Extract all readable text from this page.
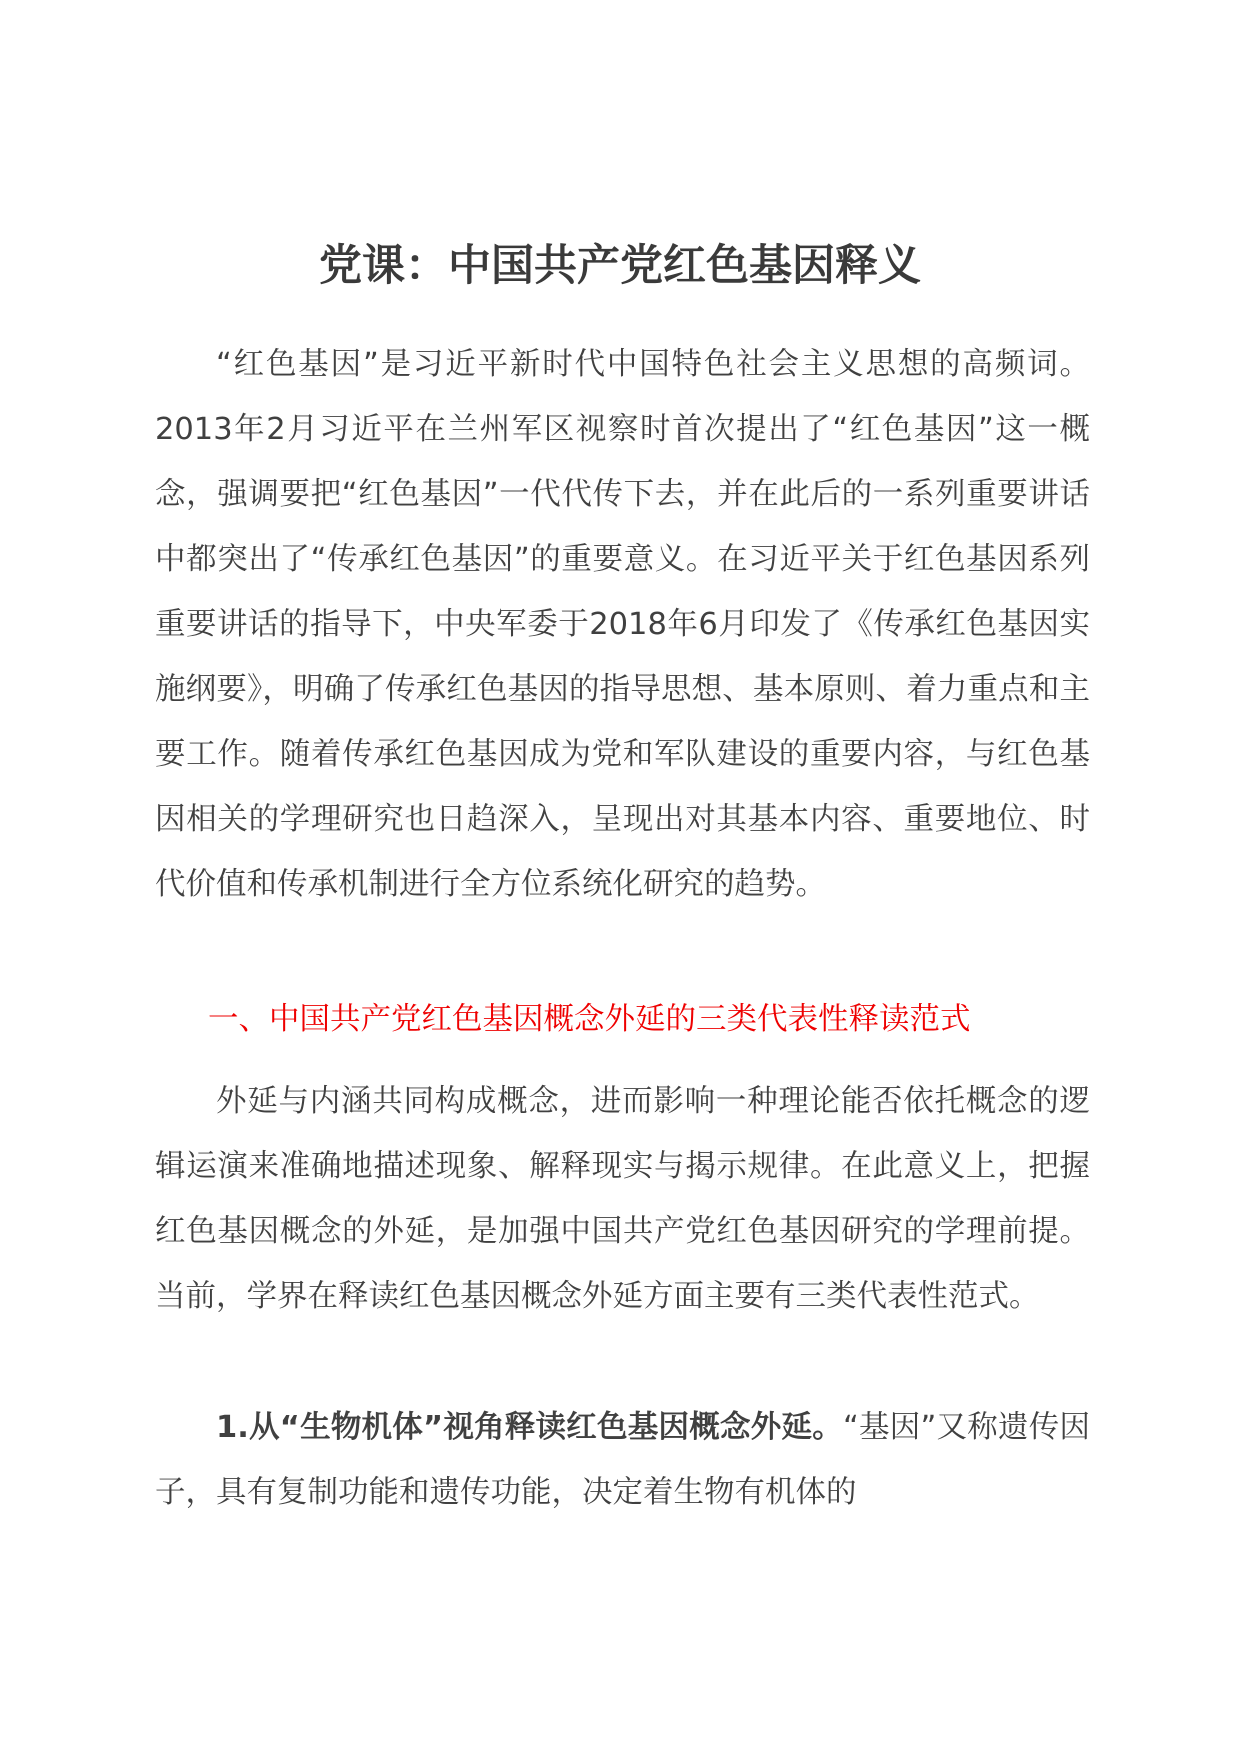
党课：中国共产党红色基因释义

“红色基因”是习近平新时代中国特色社会主义思想的高频词。2013年2月习近平在兰州军区视察时首次提出了“红色基因”这一概念，强调要把“红色基因”一代代传下去，并在此后的一系列重要讲话中都突出了“传承红色基因”的重要意义。在习近平关于红色基因系列重要讲话的指导下，中央军委于2018年6月印发了《传承红色基因实施纲要》，明确了传承红色基因的指导思想、基本原则、着力重点和主要工作。随着传承红色基因成为党和军队建设的重要内容，与红色基因相关的学理研究也日趋深入，呈现出对其基本内容、重要地位、时代价值和传承机制进行全方位系统化研究的趋势。

一、中国共产党红色基因概念外延的三类代表性释读范式

外延与内涵共同构成概念，进而影响一种理论能否依托概念的逻辑运演来准确地描述现象、解释现实与揭示规律。在此意义上，把握红色基因概念的外延，是加强中国共产党红色基因研究的学理前提。当前，学界在释读红色基因概念外延方面主要有三类代表性范式。

1.从“生物机体”视角释读红色基因概念外延。“基因”又称遗传因子，具有复制功能和遗传功能，决定着生物有机体的
